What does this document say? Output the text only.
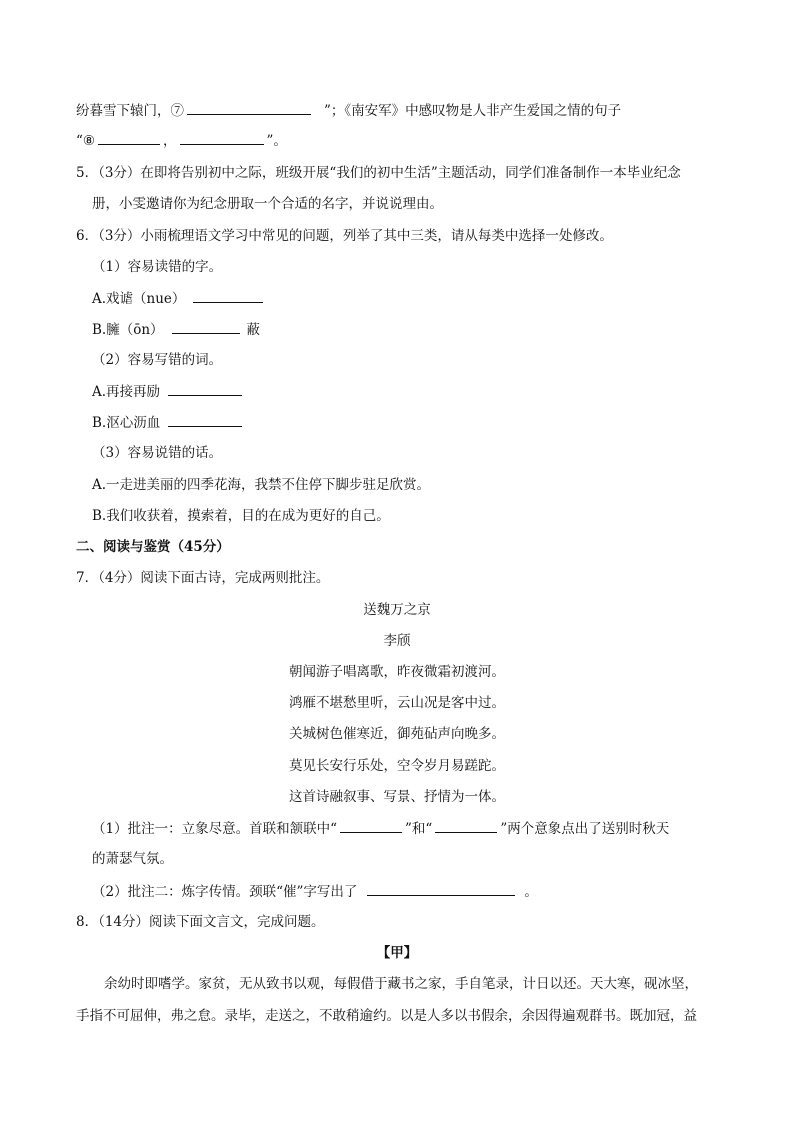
纷暮雪下辕门，⑦	”；《南安军》中感叹物是人非产生爱国之情的句子
“⑧	，	”。
5．（3分）在即将告别初中之际，班级开展“我们的初中生活”主题活动，同学们准备制作一本毕业纪念
册，小雯邀请你为纪念册取一个合适的名字，并说说理由。
6．（3分）小雨梳理语文学习中常见的问题，列举了其中三类，请从每类中选择一处修改。
（1）容易读错的字。
A.戏谑（nue）
B.臃（ōn）	蔽
（2）容易写错的词。
A.再接再励
B.沤心沥血
（3）容易说错的话。
A.一走进美丽的四季花海，我禁不住停下脚步驻足欣赏。
B.我们收获着，摸索着，目的在成为更好的自己。
二、阅读与鉴赏（45分）
7．（4分）阅读下面古诗，完成两则批注。
送魏万之京
李颀
朝闻游子唱离歌，昨夜微霜初渡河。
鸿雁不堪愁里听，云山况是客中过。
关城树色催寒近，御苑砧声向晚多。
莫见长安行乐处，空令岁月易蹉跎。
这首诗融叙事、写景、抒情为一体。
（1）批注一：立象尽意。首联和颔联中“	”和“	”两个意象点出了送别时秋天
的萧瑟气氛。
（2）批注二：炼字传情。颈联“催”字写出了	。
8．（14分）阅读下面文言文，完成问题。
【甲】
余幼时即嗜学。家贫，无从致书以观，每假借于藏书之家，手自笔录，计日以还。天大寒，砚冰坚，
手指不可屈伸，弗之怠。录毕，走送之，不敢稍逾约。以是人多以书假余，余因得遍观群书。既加冠，益
